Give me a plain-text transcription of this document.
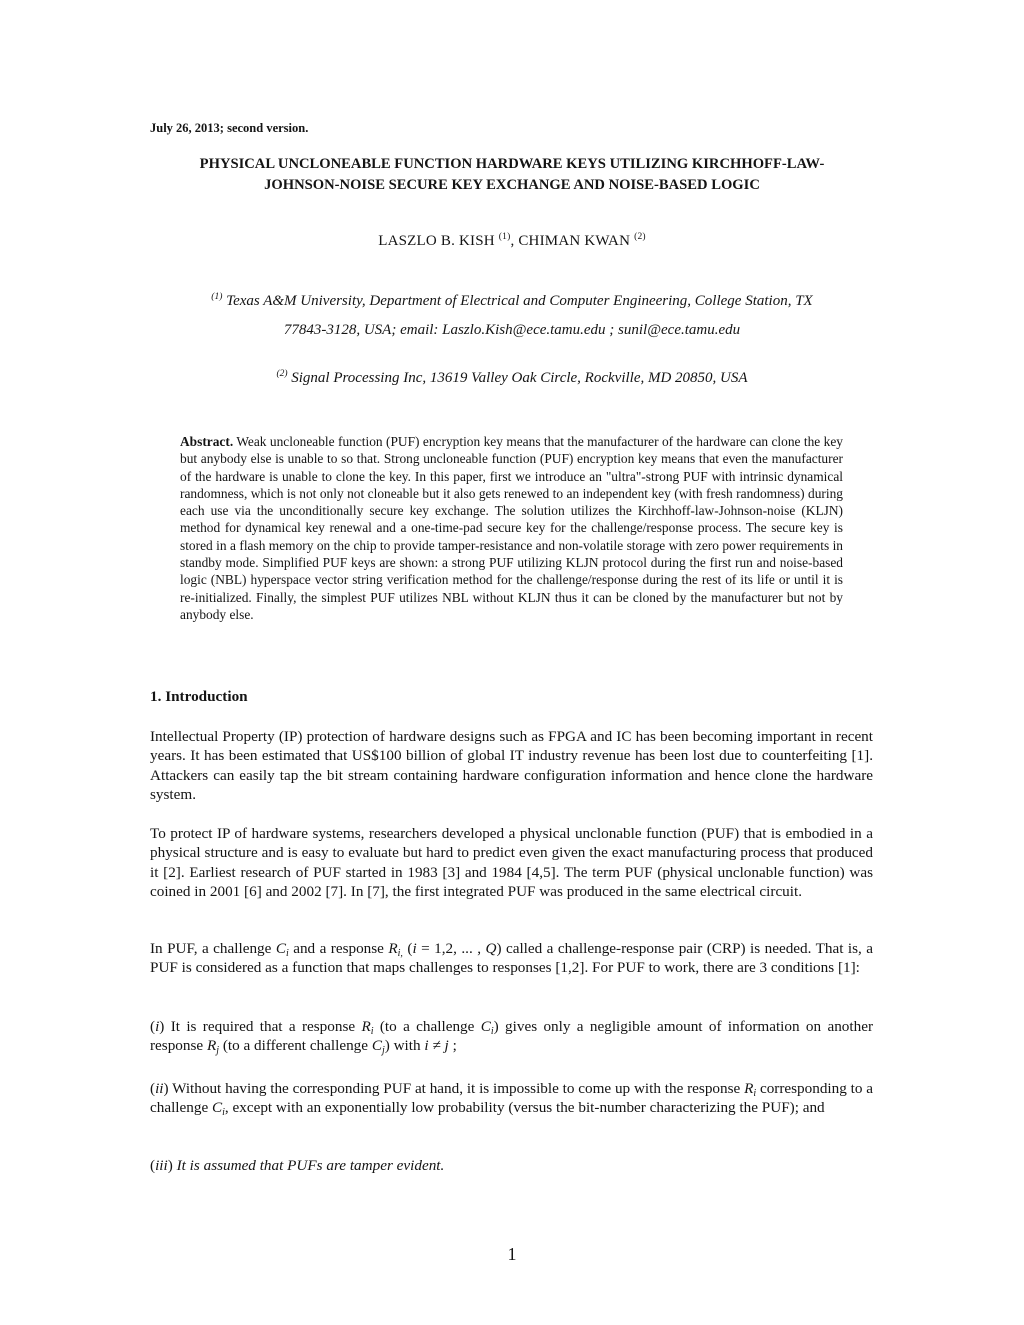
July 26, 2013; second version.
PHYSICAL UNCLONEABLE FUNCTION HARDWARE KEYS UTILIZING KIRCHHOFF-LAW-
JOHNSON-NOISE SECURE KEY EXCHANGE AND NOISE-BASED LOGIC
LASZLO B. KISH $^{(1)}$, CHIMAN KWAN $^{(2)}$
$^{(1)}$ Texas A&M University, Department of Electrical and Computer Engineering, College Station, TX
77843-3128, USA; email: Laszlo.Kish@ece.tamu.edu ; sunil@ece.tamu.edu
$^{(2)}$ Signal Processing Inc, 13619 Valley Oak Circle, Rockville, MD 20850, USA
Abstract. Weak uncloneable function (PUF) encryption key means that the manufacturer of the hardware can clone the key but anybody else is unable to so that. Strong uncloneable function (PUF) encryption key means that even the manufacturer of the hardware is unable to clone the key. In this paper, first we introduce an "ultra"-strong PUF with intrinsic dynamical randomness, which is not only not cloneable but it also gets renewed to an independent key (with fresh randomness) during each use via the unconditionally secure key exchange. The solution utilizes the Kirchhoff-law-Johnson-noise (KLJN) method for dynamical key renewal and a one-time-pad secure key for the challenge/response process. The secure key is stored in a flash memory on the chip to provide tamper-resistance and non-volatile storage with zero power requirements in standby mode. Simplified PUF keys are shown: a strong PUF utilizing KLJN protocol during the first run and noise-based logic (NBL) hyperspace vector string verification method for the challenge/response during the rest of its life or until it is re-initialized. Finally, the simplest PUF utilizes NBL without KLJN thus it can be cloned by the manufacturer but not by anybody else.
1. Introduction
Intellectual Property (IP) protection of hardware designs such as FPGA and IC has been becoming important in recent years. It has been estimated that US$100 billion of global IT industry revenue has been lost due to counterfeiting [1]. Attackers can easily tap the bit stream containing hardware configuration information and hence clone the hardware system.
To protect IP of hardware systems, researchers developed a physical unclonable function (PUF) that is embodied in a physical structure and is easy to evaluate but hard to predict even given the exact manufacturing process that produced it [2]. Earliest research of PUF started in 1983 [3] and 1984 [4,5]. The term PUF (physical unclonable function) was coined in 2001 [6] and 2002 [7]. In [7], the first integrated PUF was produced in the same electrical circuit.
In PUF, a challenge $C_i$ and a response $R_{i,}$ (i = 1,2, ... , Q) called a challenge-response pair (CRP) is needed. That is, a PUF is considered as a function that maps challenges to responses [1,2]. For PUF to work, there are 3 conditions [1]:
(i) It is required that a response $R_i$ (to a challenge $C_i$) gives only a negligible amount of information on another response $R_j$ (to a different challenge $C_j$) with i ≠ j ;
(ii) Without having the corresponding PUF at hand, it is impossible to come up with the response $R_i$ corresponding to a challenge $C_i$, except with an exponentially low probability (versus the bit-number characterizing the PUF); and
(iii) It is assumed that PUFs are tamper evident.
1
